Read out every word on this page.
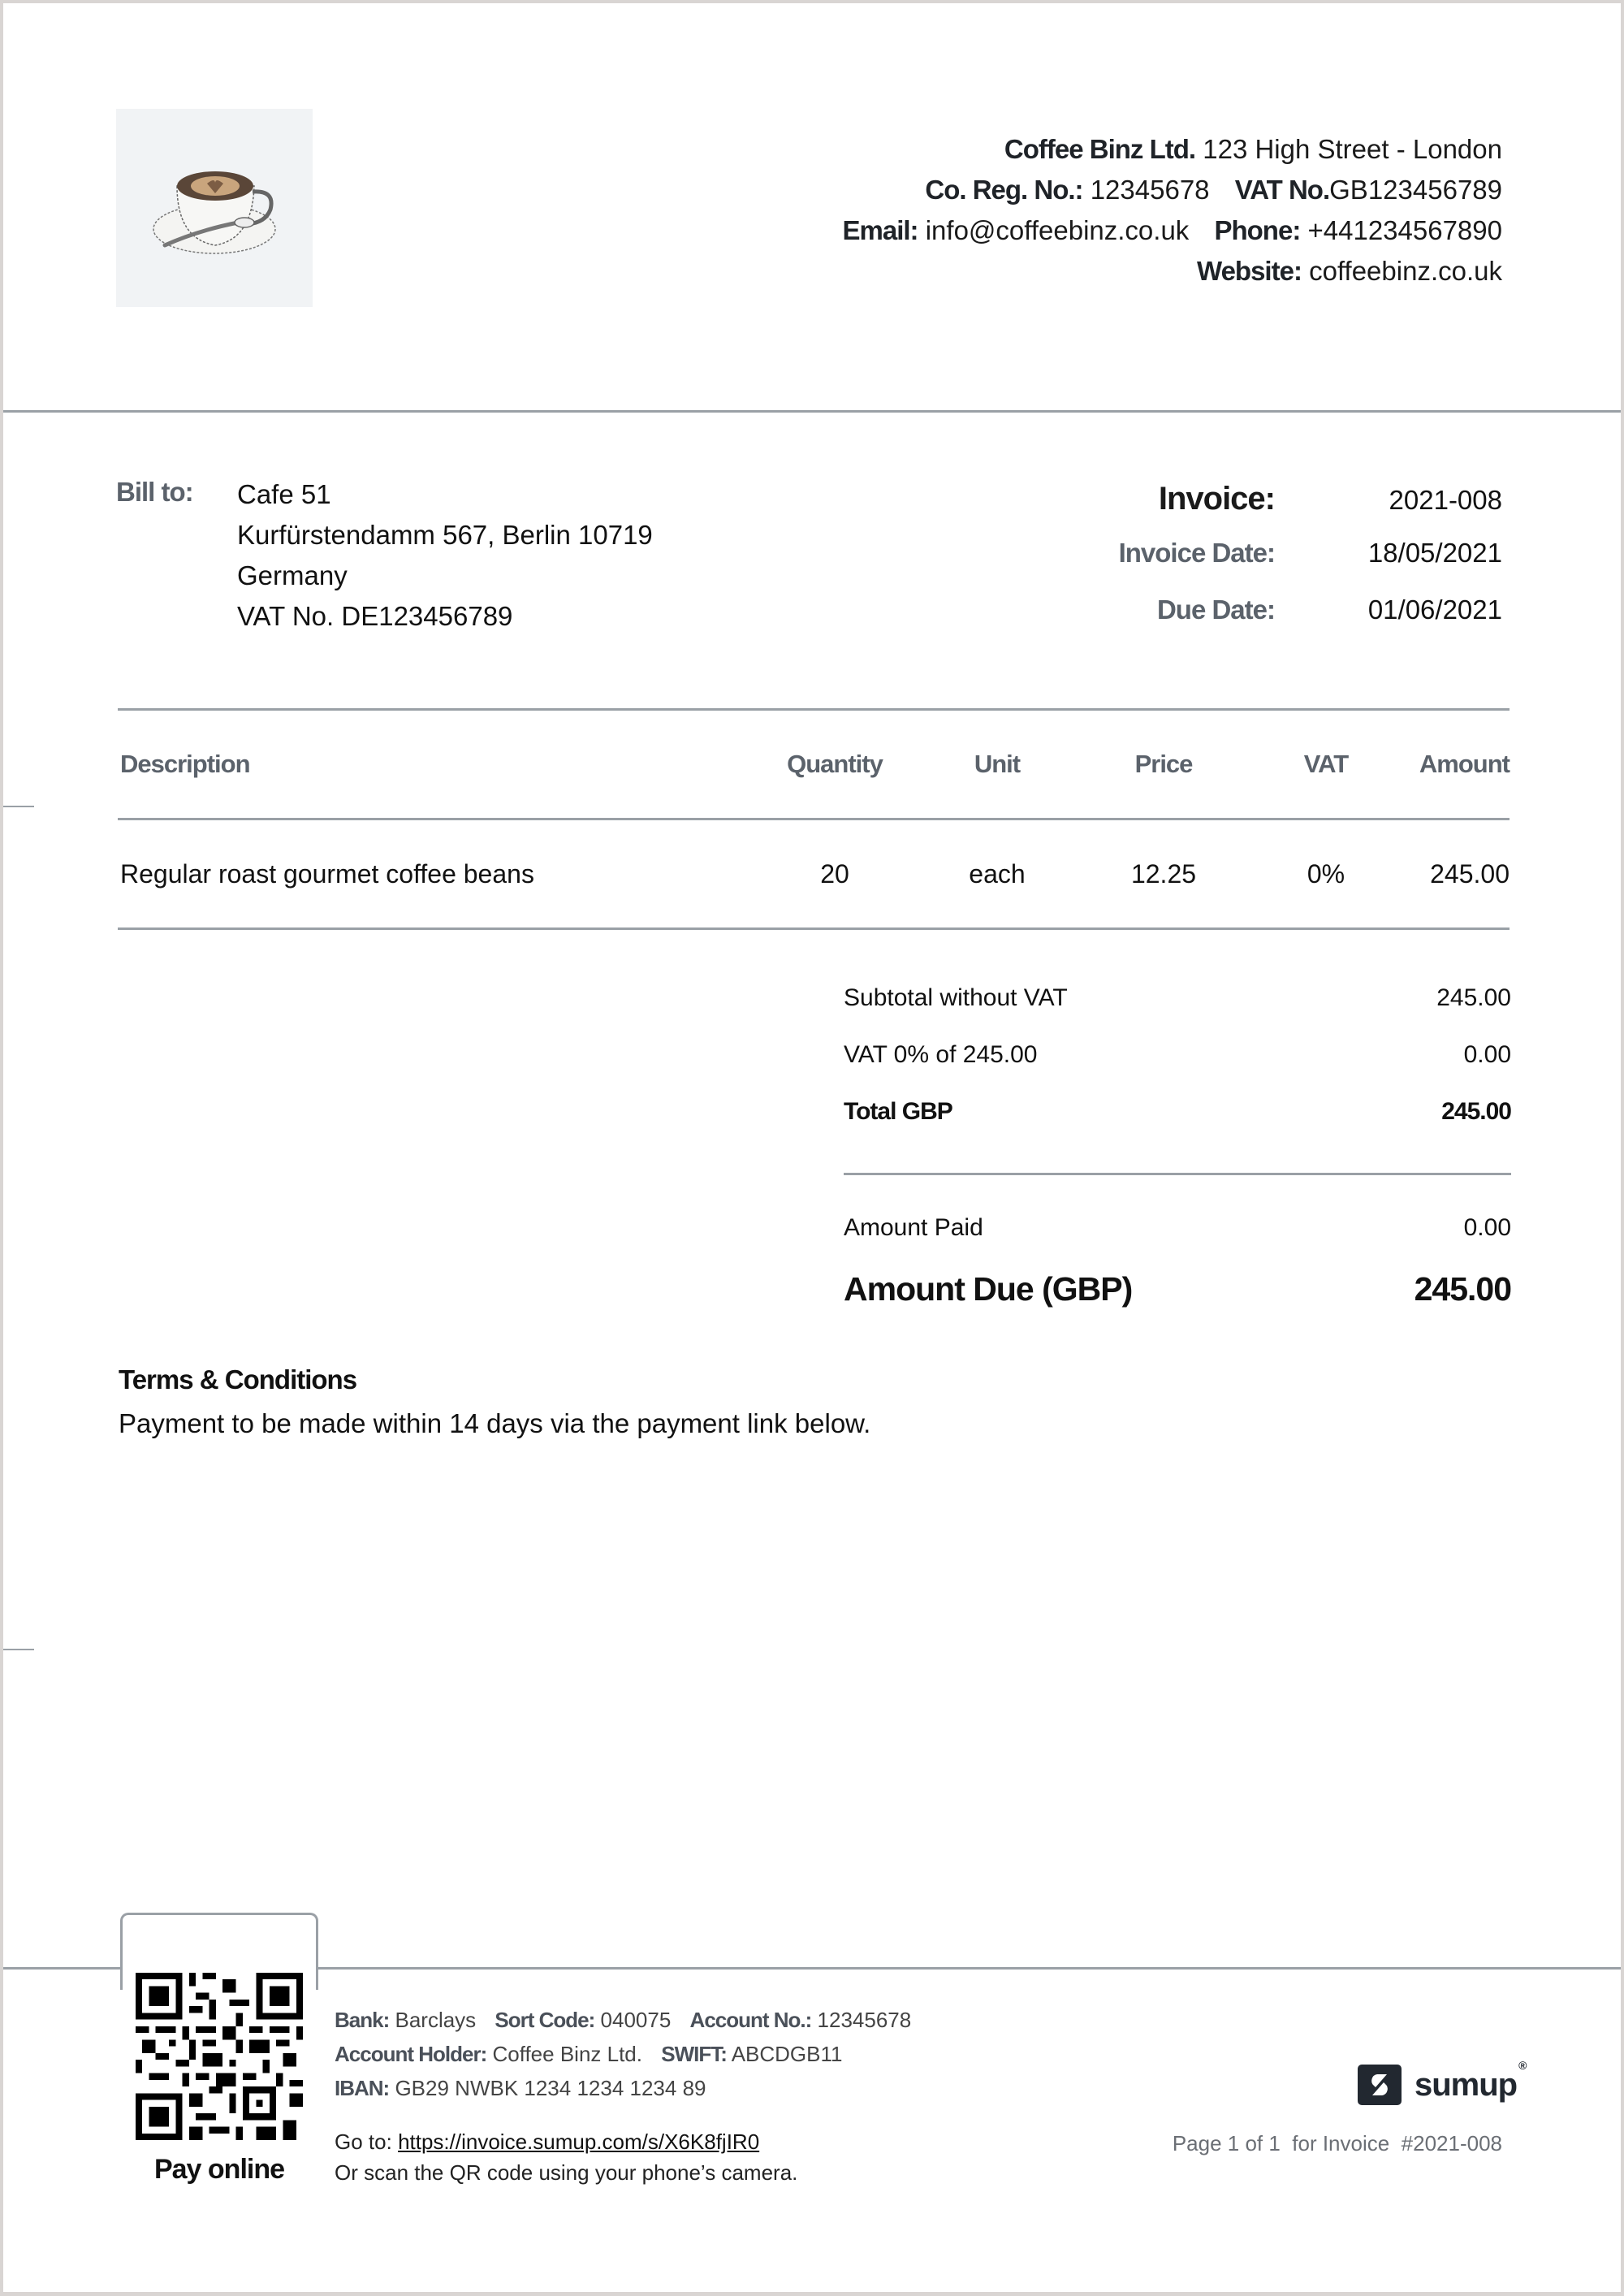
Coffee Binz Ltd. 123 High Street - London
Co. Reg. No.: 12345678 VAT No.GB123456789
Email: info@coffeebinz.co.uk Phone: +441234567890
Website: coffeebinz.co.uk
Bill to: Cafe 51
Kurfürstendamm 567, Berlin 10719
Germany
VAT No. DE123456789
Invoice:	2021-008
Invoice Date:	18/05/2021
Due Date:	01/06/2021
Description	Quantity	Unit	Price	VAT	Amount
Regular roast gourmet coffee beans	20	each	12.25	0%	245.00
Subtotal without VAT	245.00
VAT 0% of 245.00	0.00
Total GBP	245.00
Amount Paid	0.00
Amount Due (GBP)	245.00
Terms & Conditions
Payment to be made within 14 days via the payment link below.
Pay online
Bank: Barclays Sort Code: 040075 Account No.: 12345678
Account Holder: Coffee Binz Ltd. SWIFT: ABCDGB11
IBAN: GB29 NWBK 1234 1234 1234 89
Go to: https://invoice.sumup.com/s/X6K8fjIR0
Or scan the QR code using your phone’s camera.
sumup®
Page 1 of 1  for Invoice  #2021-008
